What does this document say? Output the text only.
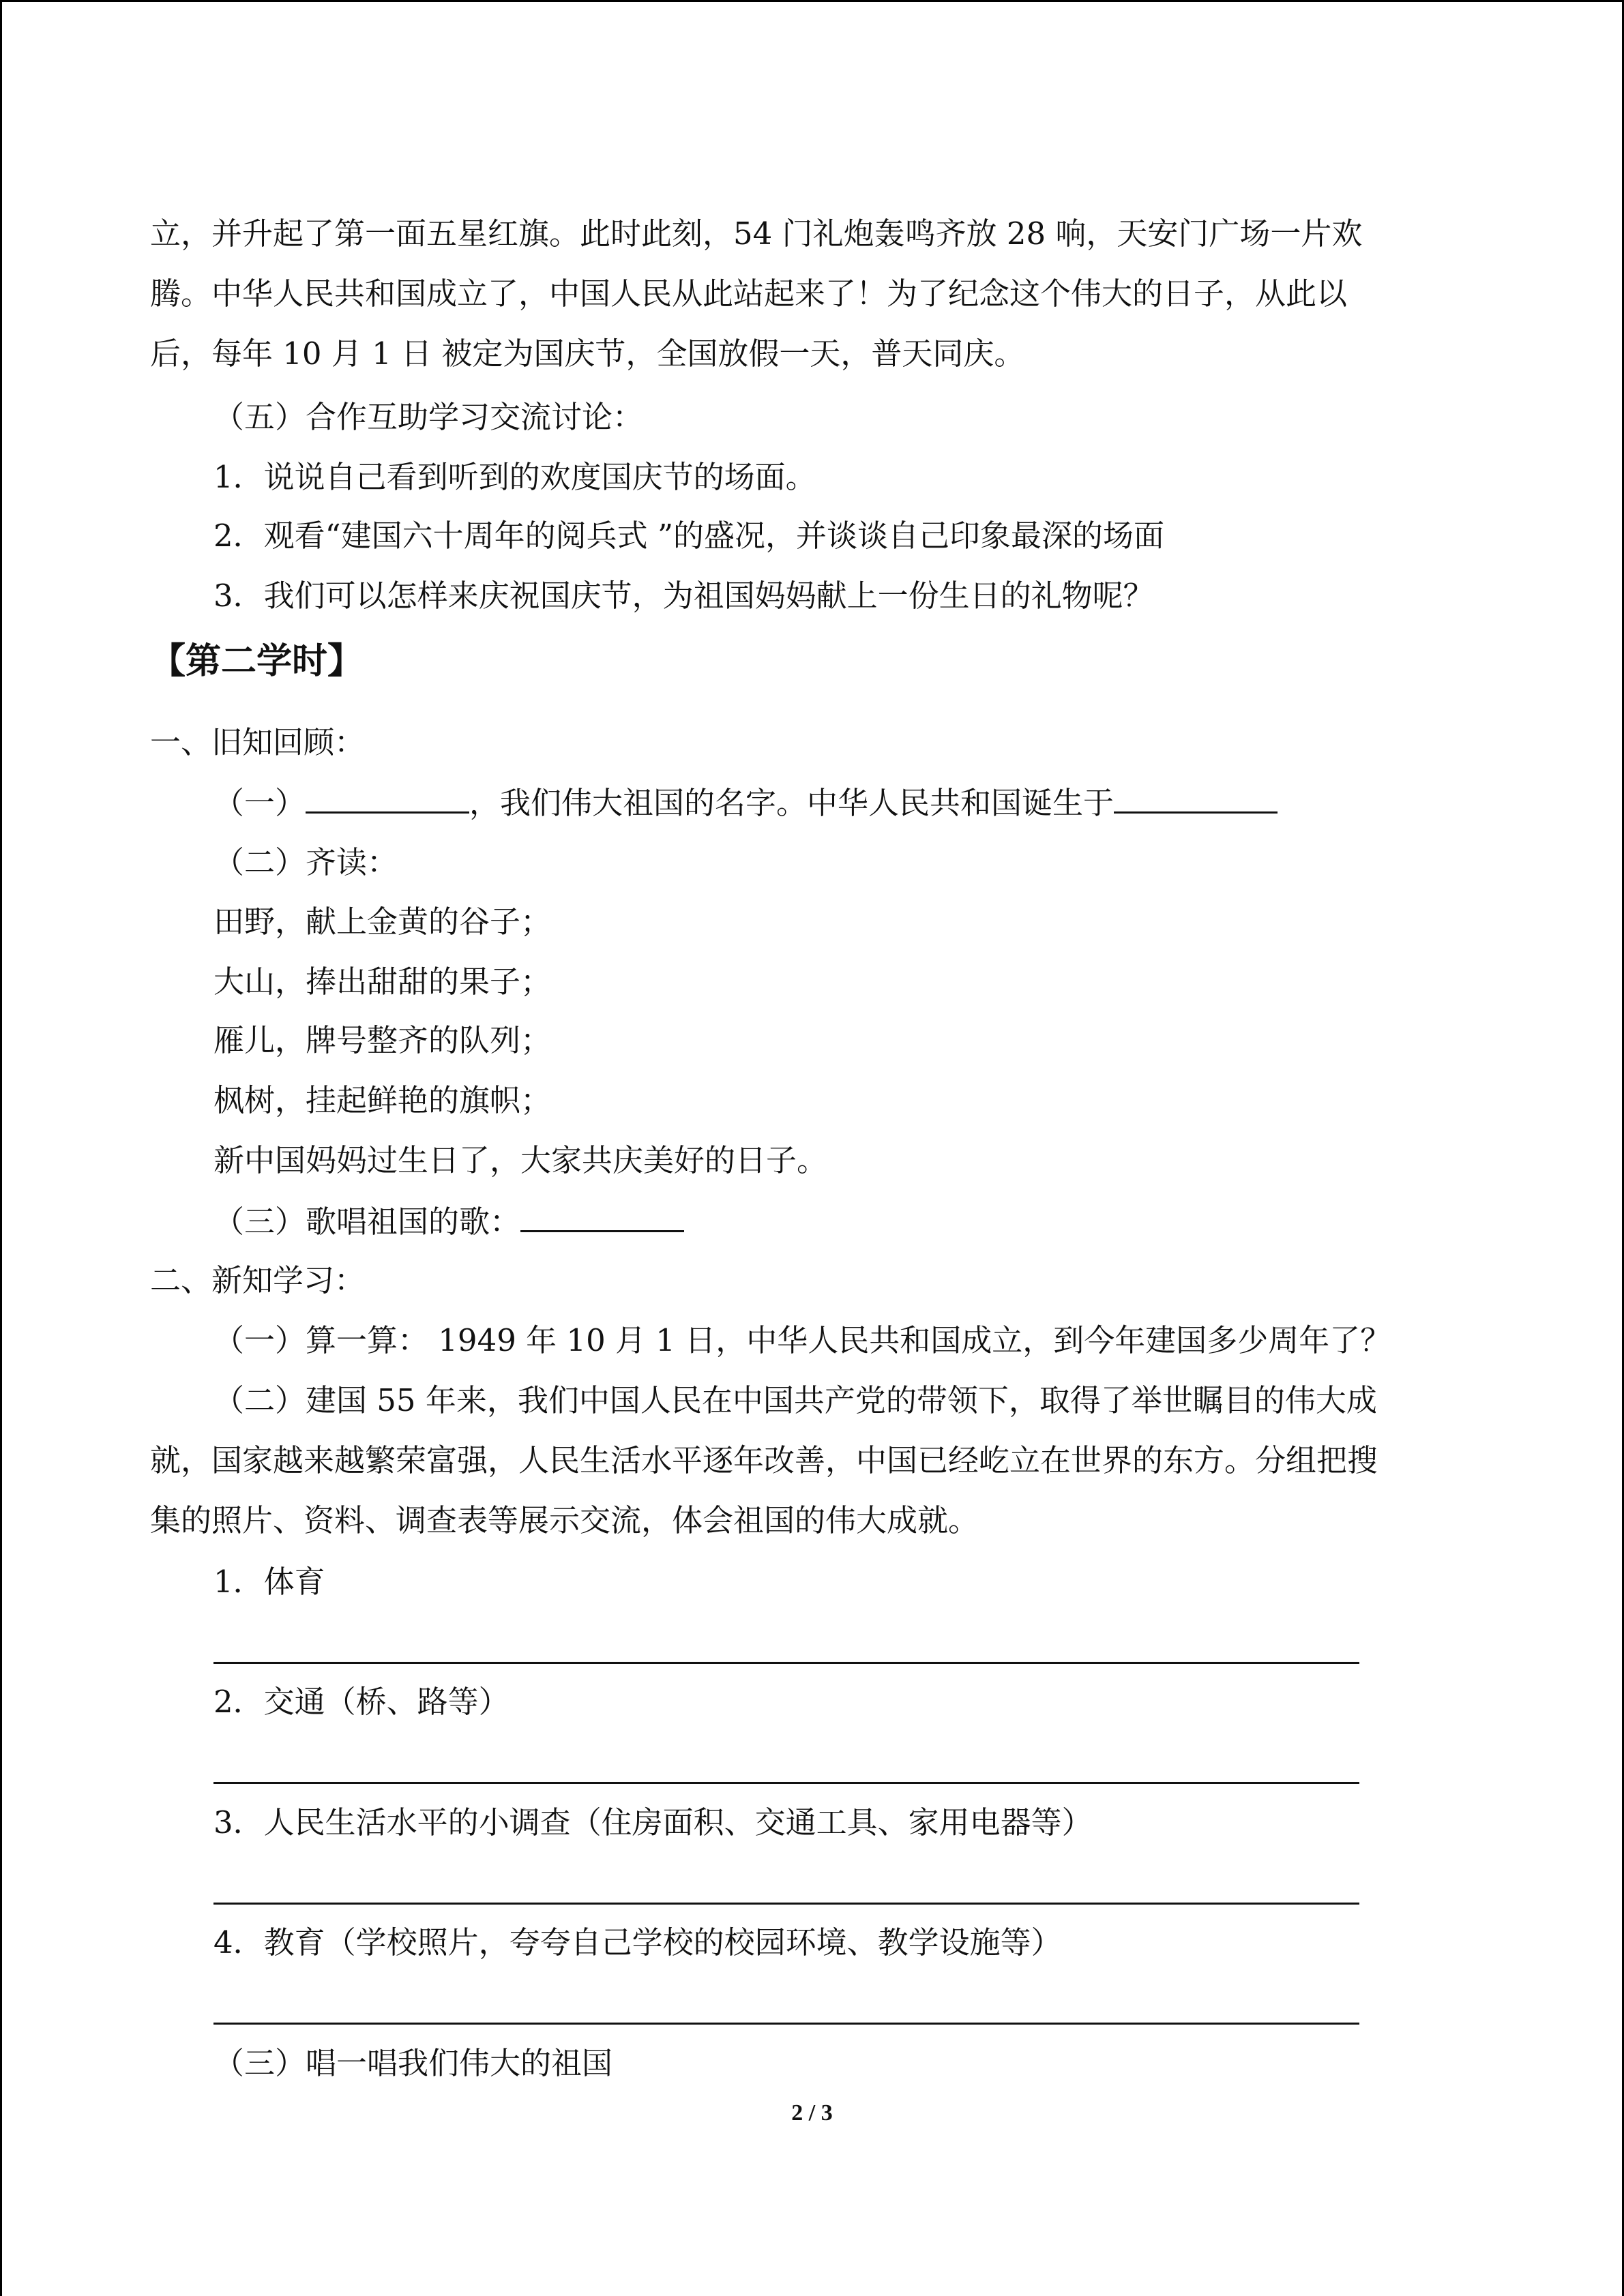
立，并升起了第一面五星红旗。此时此刻，54 门礼炮轰鸣齐放 28 响，天安门广场一片欢
腾。中华人民共和国成立了，中国人民从此站起来了！为了纪念这个伟大的日子，从此以
后，每年 10 月 1 日 被定为国庆节，全国放假一天，普天同庆。
（五）合作互助学习交流讨论：
1．说说自己看到听到的欢度国庆节的场面。
2．观看“建国六十周年的阅兵式 ”的盛况，并谈谈自己印象最深的场面
3．我们可以怎样来庆祝国庆节，为祖国妈妈献上一份生日的礼物呢？
【第二学时】
一、旧知回顾：
（一）	，我们伟大祖国的名字。中华人民共和国诞生于
（二）齐读：
田野，献上金黄的谷子；
大山，捧出甜甜的果子；
雁儿，牌号整齐的队列；
枫树，挂起鲜艳的旗帜；
新中国妈妈过生日了，大家共庆美好的日子。
（三）歌唱祖国的歌：
二、新知学习：
（一）算一算： 1949 年 10 月 1 日，中华人民共和国成立，到今年建国多少周年了？
（二）建国 55 年来，我们中国人民在中国共产党的带领下，取得了举世瞩目的伟大成
就，国家越来越繁荣富强，人民生活水平逐年改善，中国已经屹立在世界的东方。分组把搜
集的照片、资料、调查表等展示交流，体会祖国的伟大成就。
1．体育
2．交通（桥、路等）
3．人民生活水平的小调查（住房面积、交通工具、家用电器等）
4．教育（学校照片，夸夸自己学校的校园环境、教学设施等）
（三）唱一唱我们伟大的祖国
2 / 3
